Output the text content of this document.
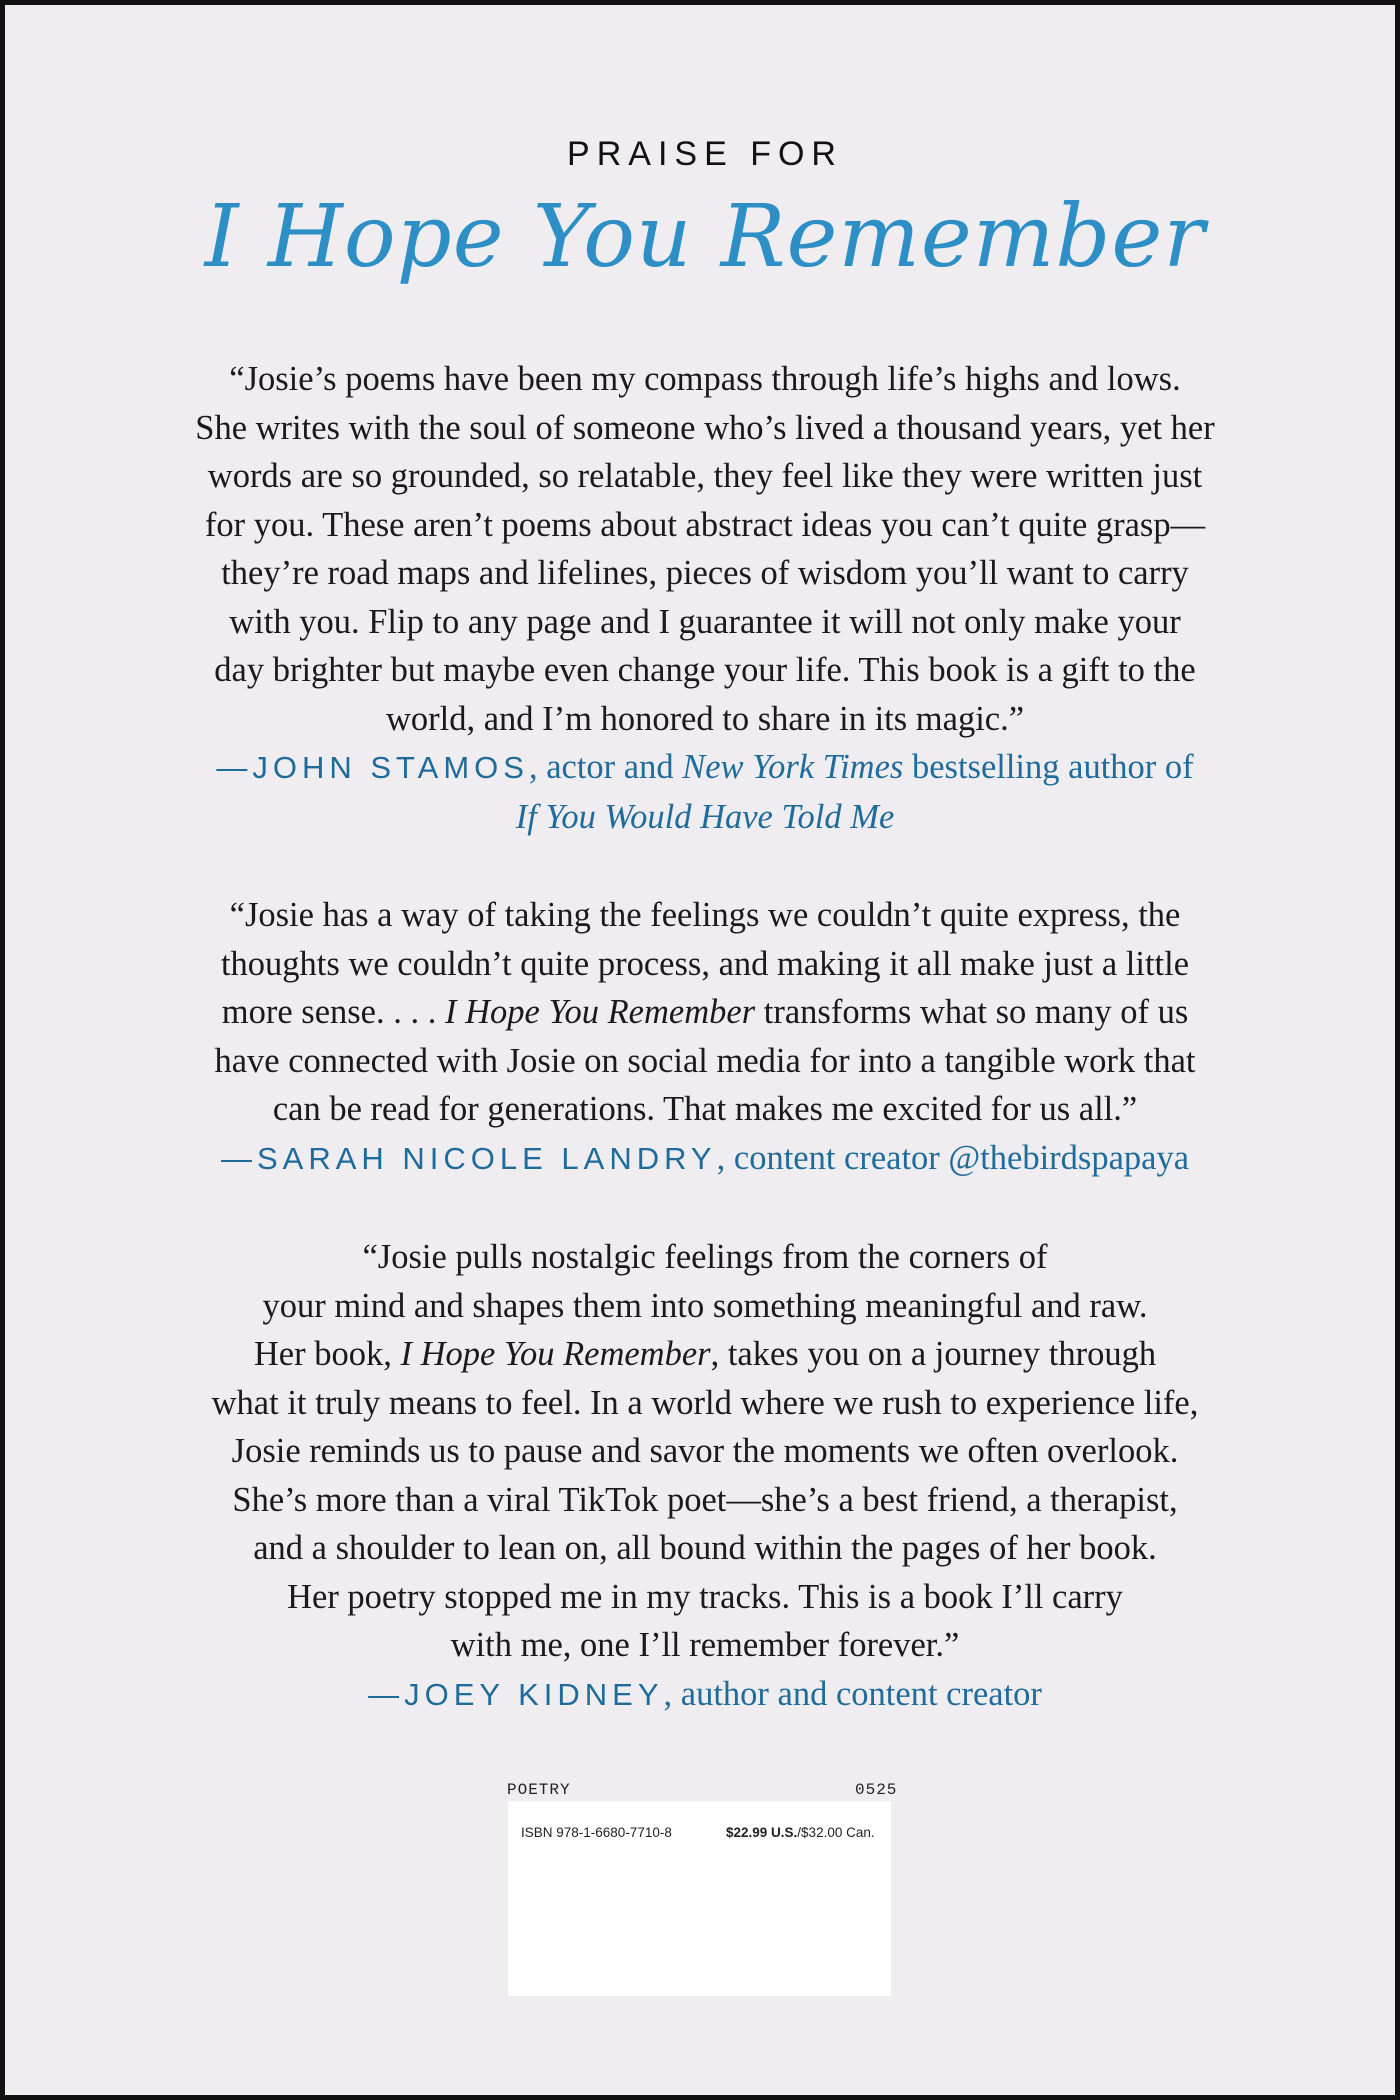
PRAISE FOR
I Hope You Remember
“Josie’s poems have been my compass through life’s highs and lows.
She writes with the soul of someone who’s lived a thousand years, yet her
words are so grounded, so relatable, they feel like they were written just
for you. These aren’t poems about abstract ideas you can’t quite grasp—
they’re road maps and lifelines, pieces of wisdom you’ll want to carry
with you. Flip to any page and I guarantee it will not only make your
day brighter but maybe even change your life. This book is a gift to the
world, and I’m honored to share in its magic.”
—JOHN STAMOS, actor and New York Times bestselling author of
If You Would Have Told Me
“Josie has a way of taking the feelings we couldn’t quite express, the
thoughts we couldn’t quite process, and making it all make just a little
more sense. . . . I Hope You Remember transforms what so many of us
have connected with Josie on social media for into a tangible work that
can be read for generations. That makes me excited for us all.”
—SARAH NICOLE LANDRY, content creator @thebirdspapaya
“Josie pulls nostalgic feelings from the corners of
your mind and shapes them into something meaningful and raw.
Her book, I Hope You Remember, takes you on a journey through
what it truly means to feel. In a world where we rush to experience life,
Josie reminds us to pause and savor the moments we often overlook.
She’s more than a viral TikTok poet—she’s a best friend, a therapist,
and a shoulder to lean on, all bound within the pages of her book.
Her poetry stopped me in my tracks. This is a book I’ll carry
with me, one I’ll remember forever.”
—JOEY KIDNEY, author and content creator
POETRY	0525
ISBN 978-1-6680-7710-8	$22.99 U.S./$32.00 Can.
